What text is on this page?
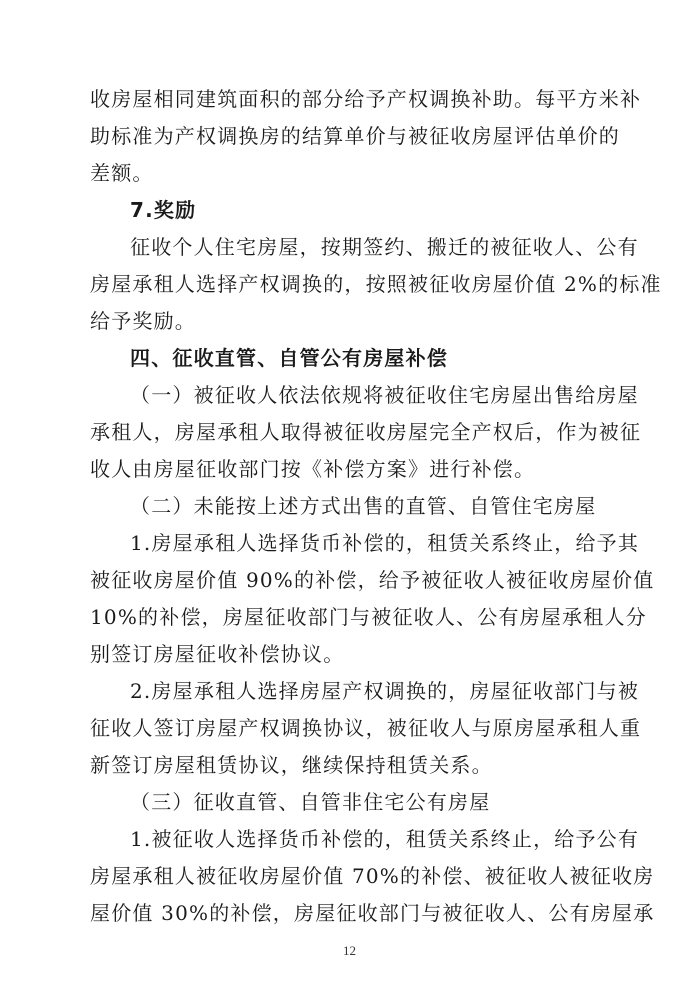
收房屋相同建筑面积的部分给予产权调换补助。每平方米补
助标准为产权调换房的结算单价与被征收房屋评估单价的
差额。
7.奖励
征收个人住宅房屋，按期签约、搬迁的被征收人、公有
房屋承租人选择产权调换的，按照被征收房屋价值 2%的标准
给予奖励。
四、征收直管、自管公有房屋补偿
（一）被征收人依法依规将被征收住宅房屋出售给房屋
承租人，房屋承租人取得被征收房屋完全产权后，作为被征
收人由房屋征收部门按《补偿方案》进行补偿。
（二）未能按上述方式出售的直管、自管住宅房屋
1.房屋承租人选择货币补偿的，租赁关系终止，给予其
被征收房屋价值 90%的补偿，给予被征收人被征收房屋价值
10%的补偿，房屋征收部门与被征收人、公有房屋承租人分
别签订房屋征收补偿协议。
2.房屋承租人选择房屋产权调换的，房屋征收部门与被
征收人签订房屋产权调换协议，被征收人与原房屋承租人重
新签订房屋租赁协议，继续保持租赁关系。
（三）征收直管、自管非住宅公有房屋
1.被征收人选择货币补偿的，租赁关系终止，给予公有
房屋承租人被征收房屋价值 70%的补偿、被征收人被征收房
屋价值 30%的补偿，房屋征收部门与被征收人、公有房屋承
12
